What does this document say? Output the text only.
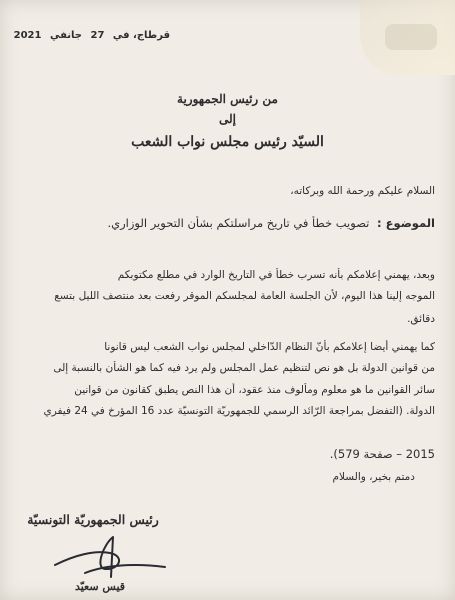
قرطاج، في 27 جانفي 2021
من رئيس الجمهورية
إلى
السيّد رئيس مجلس نواب الشعب
السلام عليكم ورحمة الله وبركاته،
الموضوع : تصويب خطأ في تاريخ مراسلتكم بشأن التحوير الوزاري.
وبعد، يهمني إعلامكم بأنه تسرب خطأ في التاريخ الوارد في مطلع مكتوبكم
الموجه إلينا هذا اليوم، لأن الجلسة العامة لمجلسكم الموقر رفعت بعد منتصف الليل بتسع
دقائق.
كما يهمني أيضا إعلامكم بأنّ النظام الدّاخلي لمجلس نواب الشعب ليس قانونا
من قوانين الدولة بل هو نص لتنظيم عمل المجلس ولم يرد فيه كما هو الشأن بالنسبة إلى
سائر القوانين ما هو معلوم ومألوف منذ عقود، أن هذا النص يطبق كقانون من قوانين
الدولة. (التفضل بمراجعة الرّائد الرسمي للجمهوريّة التونسيّة عدد 16 المؤرخ في 24 فيفري
2015 – صفحة 579).
دمتم بخير، والسلام
رئيس الجمهوريّة التونسيّة
قيس سعيّد
